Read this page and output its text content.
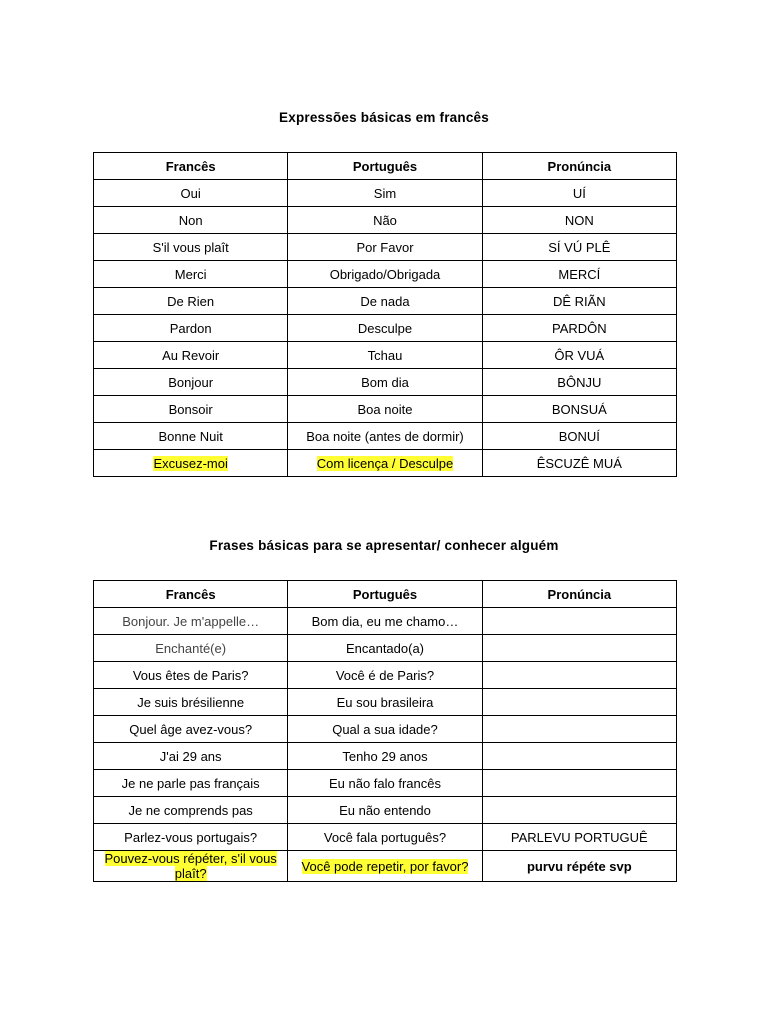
Expressões básicas em francês
Francês	Português	Pronúncia
Oui	Sim	UÍ
Non	Não	NON
S'il vous plaît	Por Favor	SÍ VÚ PLÊ
Merci	Obrigado/Obrigada	MERCÍ
De Rien	De nada	DÊ RIÃN
Pardon	Desculpe	PARDÔN
Au Revoir	Tchau	ÔR VUÁ
Bonjour	Bom dia	BÔNJU
Bonsoir	Boa noite	BONSUÁ
Bonne Nuit	Boa noite (antes de dormir)	BONUÍ
Excusez-moi	Com licença / Desculpe	ÊSCUZÊ MUÁ
Frases básicas para se apresentar/ conhecer alguém
Francês	Português	Pronúncia
Bonjour. Je m'appelle…	Bom dia, eu me chamo…	
Enchanté(e)	Encantado(a)	
Vous êtes de Paris?	Você é de Paris?	
Je suis brésilienne	Eu sou brasileira	
Quel âge avez-vous?	Qual a sua idade?	
J'ai 29 ans	Tenho 29 anos	
Je ne parle pas français	Eu não falo francês	
Je ne comprends pas	Eu não entendo	
Parlez-vous portugais?	Você fala português?	PARLEVU PORTUGUÊ
Pouvez-vous répéter, s'il vous plaît?	Você pode repetir, por favor?	purvu répéte svp
